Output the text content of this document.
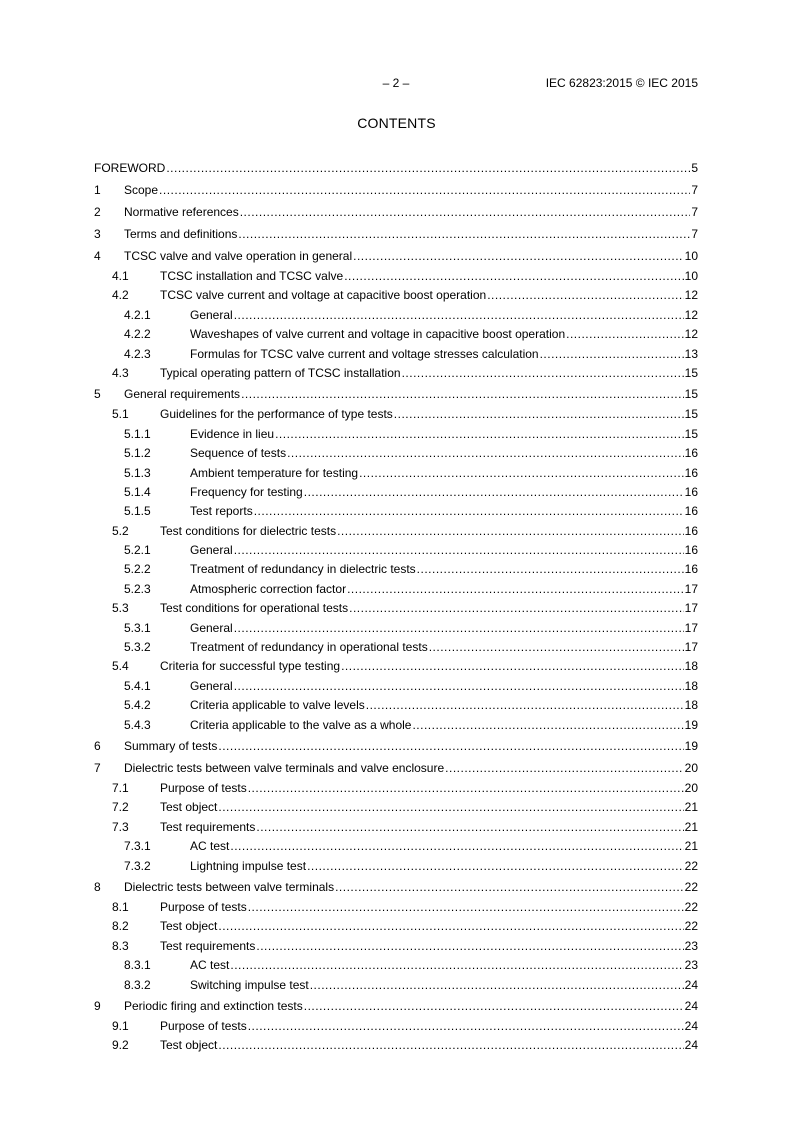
– 2 –	IEC 62823:2015 © IEC 2015
CONTENTS
FOREWORD .....	5
1 Scope .....	7
2 Normative references .....	7
3 Terms and definitions .....	7
4 TCSC valve and valve operation in general .....	10
4.1	TCSC installation and TCSC valve .....	10
4.2	TCSC valve current and voltage at capacitive boost operation .....	12
4.2.1	General .....	12
4.2.2	Waveshapes of valve current and voltage in capacitive boost operation .....	12
4.2.3	Formulas for TCSC valve current and voltage stresses calculation .....	13
4.3	Typical operating pattern of TCSC installation .....	15
5 General requirements .....	15
5.1	Guidelines for the performance of type tests .....	15
5.1.1	Evidence in lieu .....	15
5.1.2	Sequence of tests .....	16
5.1.3	Ambient temperature for testing .....	16
5.1.4	Frequency for testing .....	16
5.1.5	Test reports .....	16
5.2	Test conditions for dielectric tests .....	16
5.2.1	General .....	16
5.2.2	Treatment of redundancy in dielectric tests .....	16
5.2.3	Atmospheric correction factor .....	17
5.3	Test conditions for operational tests .....	17
5.3.1	General .....	17
5.3.2	Treatment of redundancy in operational tests .....	17
5.4	Criteria for successful type testing .....	18
5.4.1	General .....	18
5.4.2	Criteria applicable to valve levels .....	18
5.4.3	Criteria applicable to the valve as a whole .....	19
6 Summary of tests .....	19
7 Dielectric tests between valve terminals and valve enclosure .....	20
7.1	Purpose of tests .....	20
7.2	Test object .....	21
7.3	Test requirements .....	21
7.3.1	AC test .....	21
7.3.2	Lightning impulse test .....	22
8 Dielectric tests between valve terminals .....	22
8.1	Purpose of tests .....	22
8.2	Test object .....	22
8.3	Test requirements .....	23
8.3.1	AC test .....	23
8.3.2	Switching impulse test .....	24
9 Periodic firing and extinction tests .....	24
9.1	Purpose of tests .....	24
9.2	Test object .....	24
